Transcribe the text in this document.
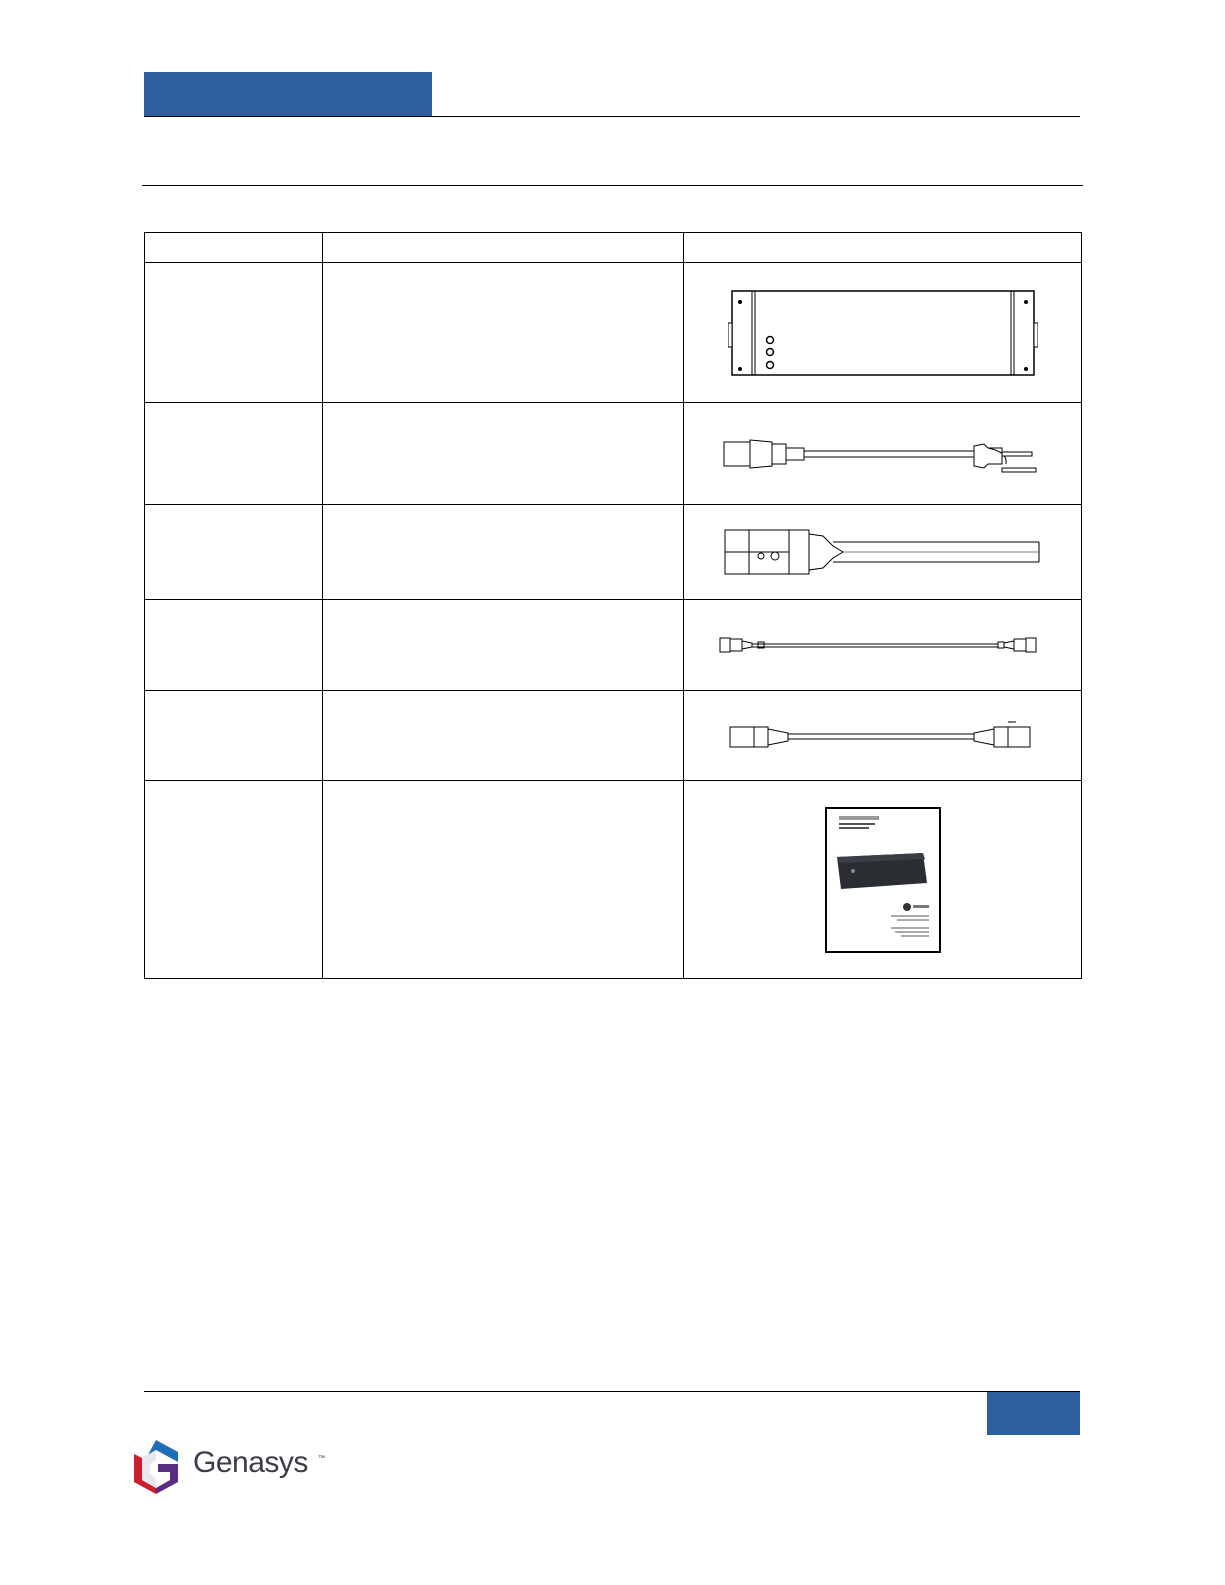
Genasys ™
